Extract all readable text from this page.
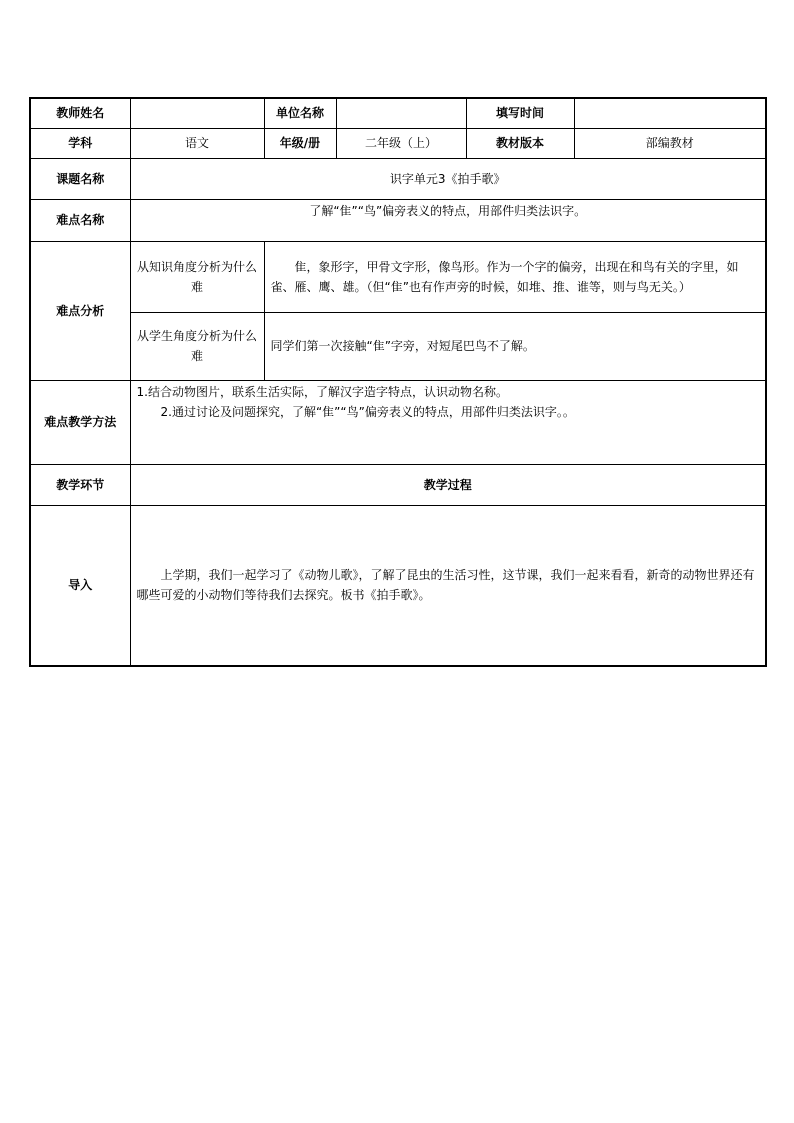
教师姓名		单位名称		填写时间	
学科	语文	年级/册	二年级（上）	教材版本	部编教材
课题名称	识字单元3《拍手歌》				
难点名称	了解“隹”“鸟”偏旁表义的特点，用部件归类法识字。				
难点分析	从知识角度分析为什么难	隹，象形字，甲骨文字形，像鸟形。作为一个字的偏旁，出现在和鸟有关的字里，如雀、雁、鹰、雄。（但“隹”也有作声旁的时候，如堆、推、谁等，则与鸟无关。）			

	从学生角度分析为什么难	同学们第一次接触“隹”字旁，对短尾巴鸟不了解。			
难点教学方法	1.结合动物图片，联系生活实际，了解汉字造字特点，认识动物名称。

2.通过讨论及问题探究，了解“隹”“鸟”偏旁表义的特点，用部件归类法识字。。				

教学环节	教学过程				
导入	上学期，我们一起学习了《动物儿歌》，了解了昆虫的生活习性，这节课，我们一起来看看，新奇的动物世界还有哪些可爱的小动物们等待我们去探究。板书《拍手歌》。				
